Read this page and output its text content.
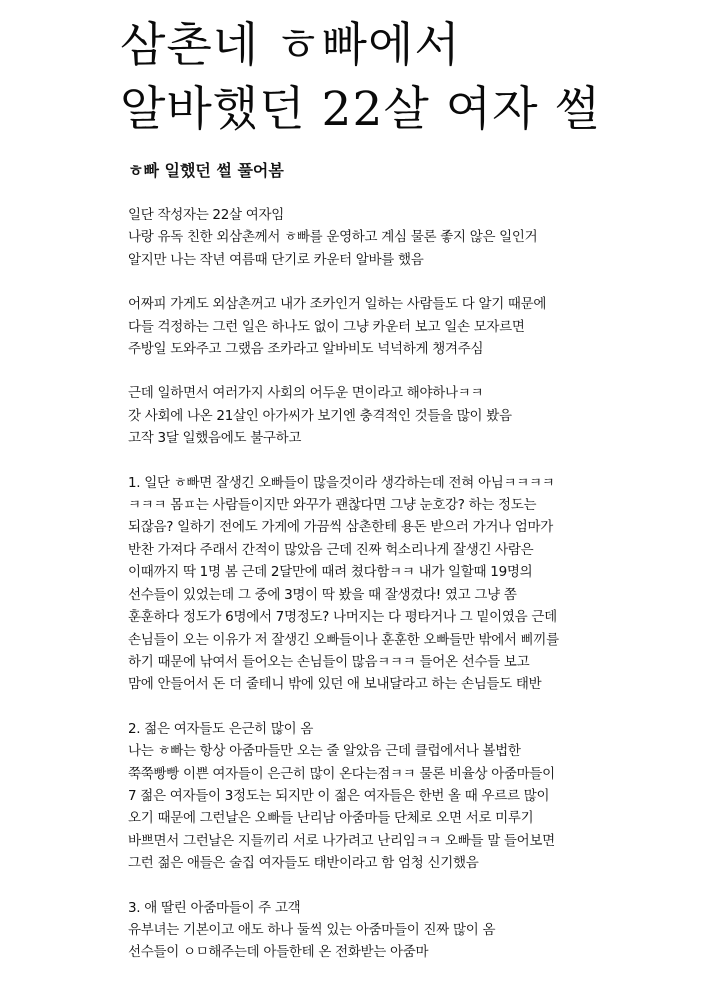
삼촌네 ㅎ빠에서
알바했던 22살 여자 썰
ㅎ빠 일했던 썰 풀어봄
일단 작성자는 22살 여자임
나랑 유독 친한 외삼촌께서 ㅎ빠를 운영하고 계심 물론 좋지 않은 일인거
알지만 나는 작년 여름때 단기로 카운터 알바를 했음
어짜피 가게도 외삼촌꺼고 내가 조카인거 일하는 사람들도 다 알기 때문에
다들 걱정하는 그런 일은 하나도 없이 그냥 카운터 보고 일손 모자르면
주방일 도와주고 그랬음 조카라고 알바비도 넉넉하게 챙겨주심
근데 일하면서 여러가지 사회의 어두운 면이라고 해야하나ㅋㅋ
갓 사회에 나온 21살인 아가씨가 보기엔 충격적인 것들을 많이 봤음
고작 3달 일했음에도 불구하고
1. 일단 ㅎ빠면 잘생긴 오빠들이 많을것이라 생각하는데 전혀 아님ㅋㅋㅋㅋ
ㅋㅋㅋ 몸ㅍ는 사람들이지만 와꾸가 괜찮다면 그냥 눈호강? 하는 정도는
되잖음? 일하기 전에도 가게에 가끔씩 삼촌한테 용돈 받으러 가거나 엄마가
반찬 가져다 주래서 간적이 많았음 근데 진짜 헉소리나게 잘생긴 사람은
이때까지 딱 1명 봄 근데 2달만에 때려 쳤다함ㅋㅋ 내가 일할때 19명의
선수들이 있었는데 그 중에 3명이 딱 봤을 때 잘생겼다! 였고 그냥 쫌
훈훈하다 정도가 6명에서 7명정도? 나머지는 다 평타거나 그 밑이였음 근데
손님들이 오는 이유가 저 잘생긴 오빠들이나 훈훈한 오빠들만 밖에서 삐끼를
하기 때문에 낚여서 들어오는 손님들이 많음ㅋㅋㅋ 들어온 선수들 보고
맘에 안들어서 돈 더 줄테니 밖에 있던 애 보내달라고 하는 손님들도 태반
2. 젊은 여자들도 은근히 많이 옴
나는 ㅎ빠는 항상 아줌마들만 오는 줄 알았음 근데 클럽에서나 볼법한
쭉쭉빵빵 이쁜 여자들이 은근히 많이 온다는점ㅋㅋ 물론 비율상 아줌마들이
7 젊은 여자들이 3정도는 되지만 이 젊은 여자들은 한번 올 때 우르르 많이
오기 때문에 그런날은 오빠들 난리남 아줌마들 단체로 오면 서로 미루기
바쁘면서 그런날은 지들끼리 서로 나가려고 난리임ㅋㅋ 오빠들 말 들어보면
그런 젊은 애들은 술집 여자들도 태반이라고 함 엄청 신기했음
3. 애 딸린 아줌마들이 주 고객
유부녀는 기본이고 애도 하나 둘씩 있는 아줌마들이 진짜 많이 옴
선수들이 ㅇㅁ해주는데 아들한테 온 전화받는 아줌마
